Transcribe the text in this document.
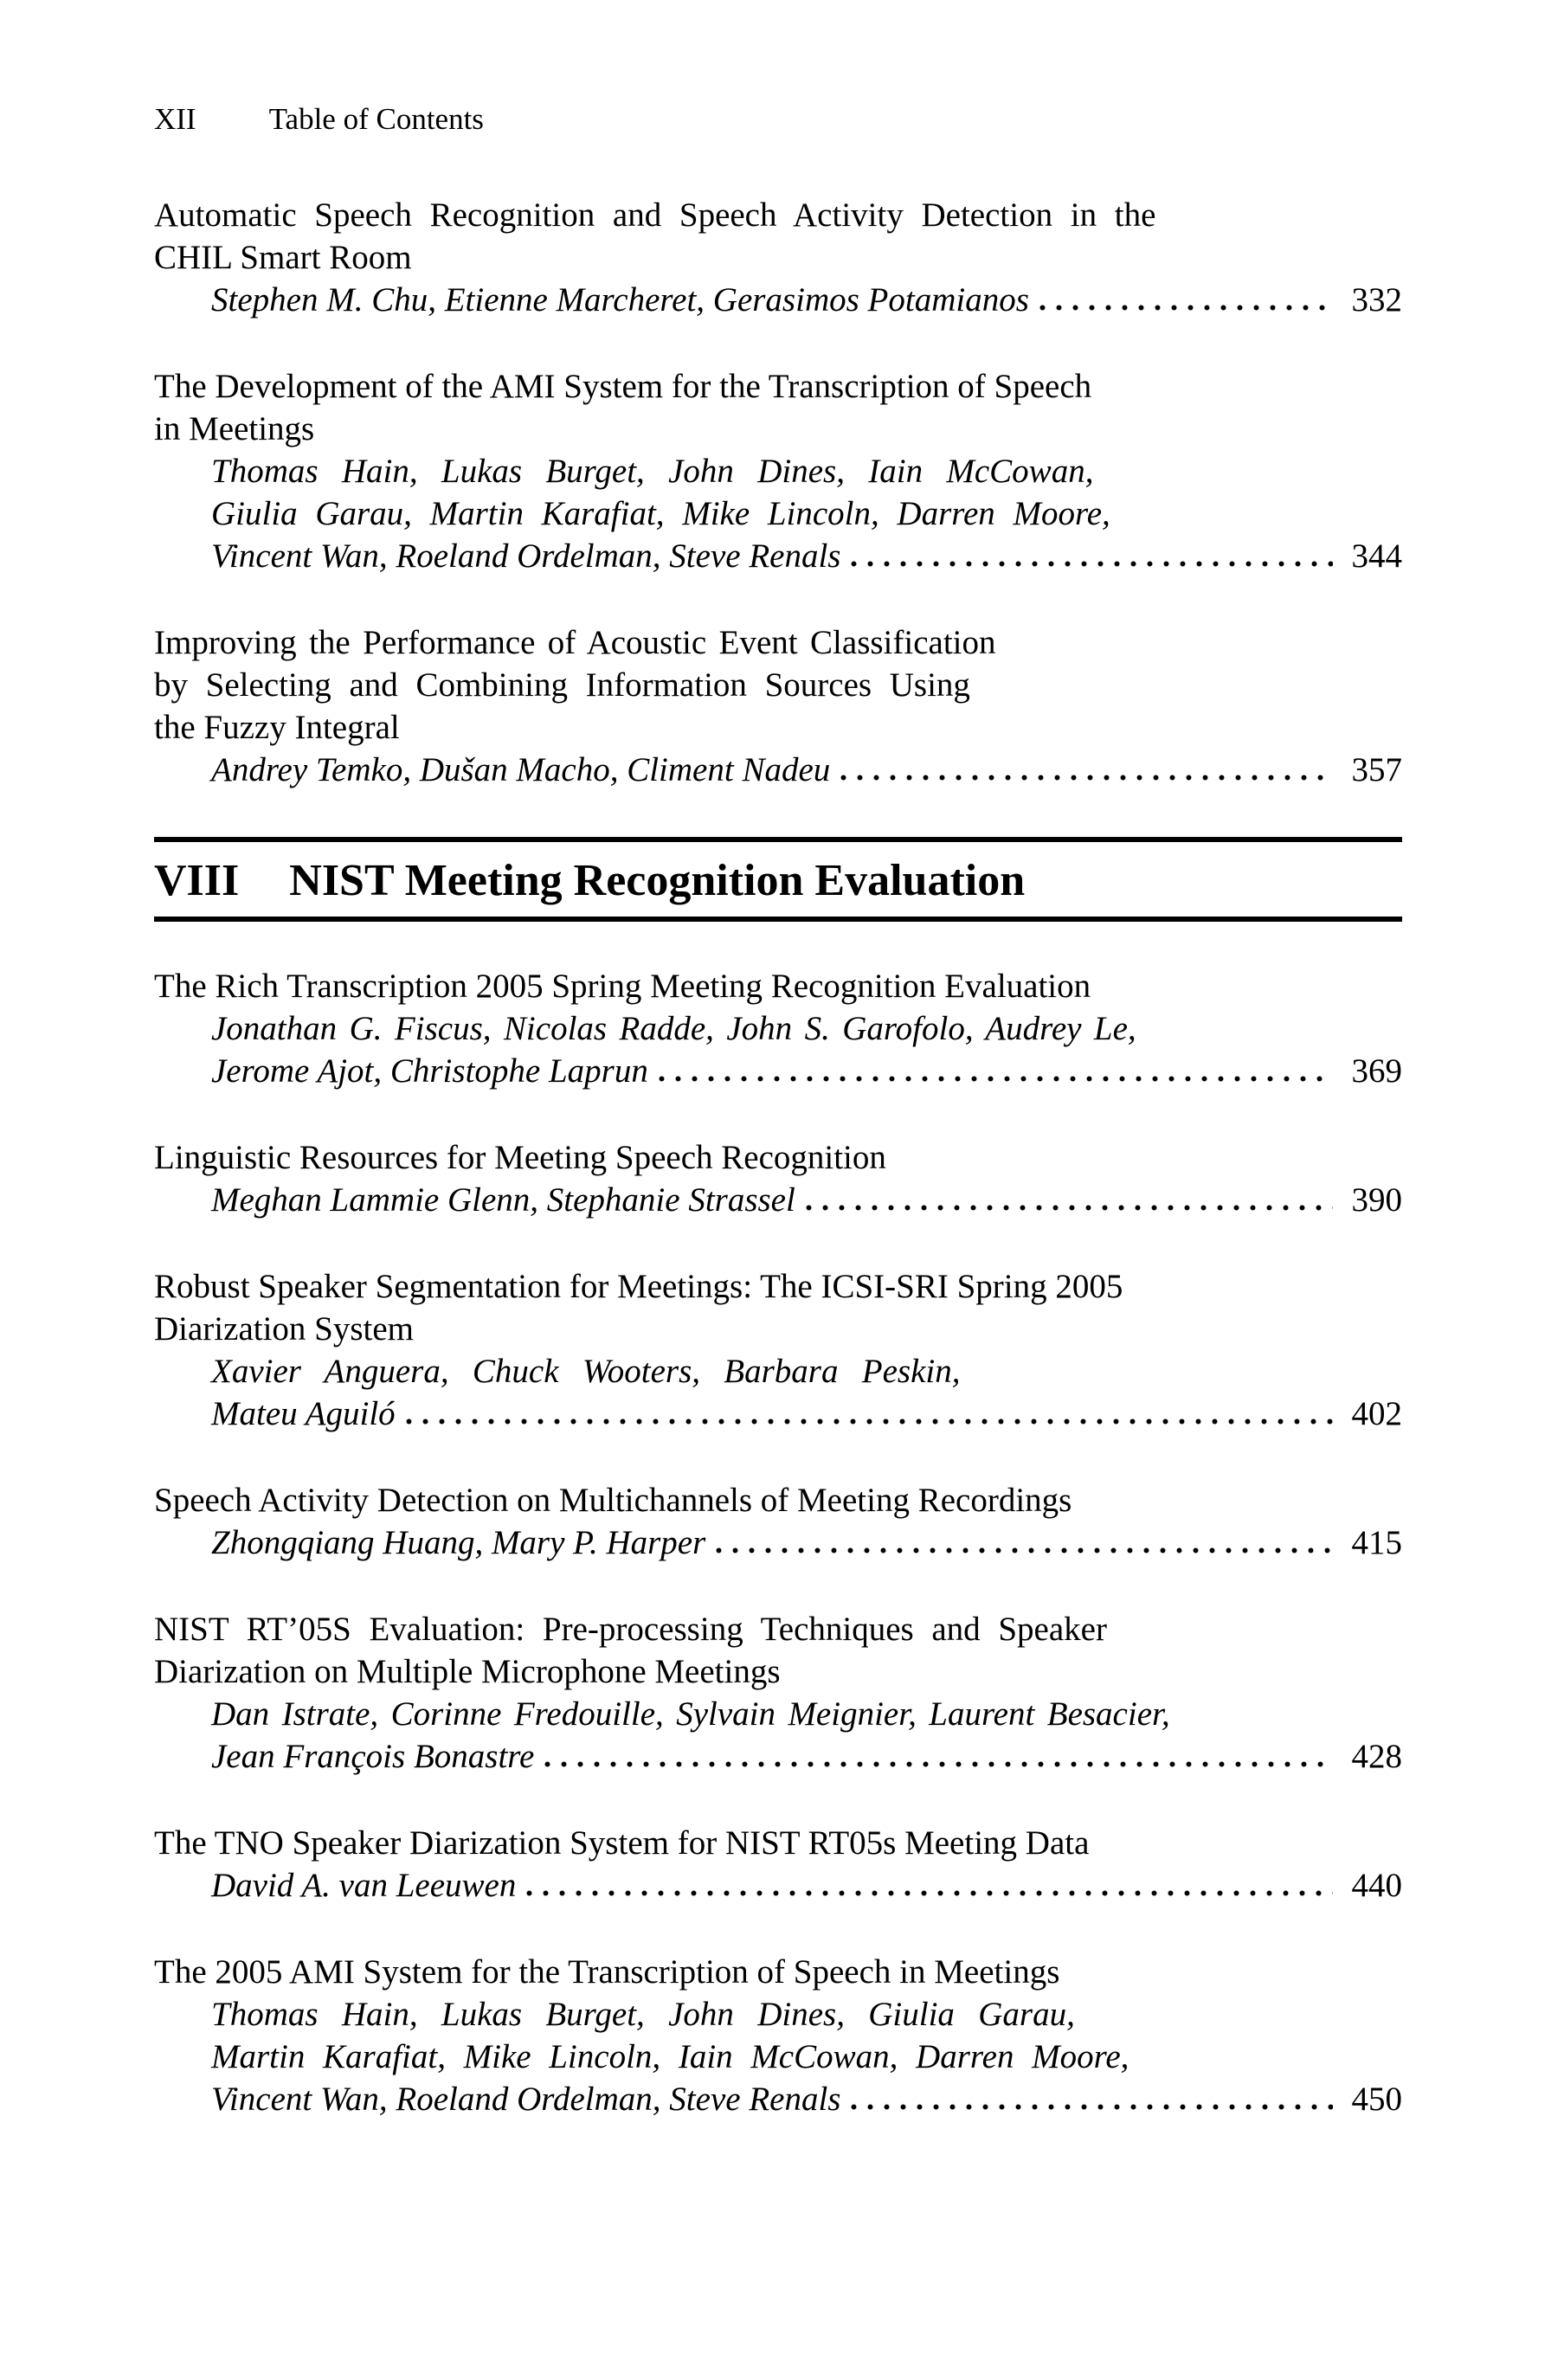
XII Table of Contents
Automatic Speech Recognition and Speech Activity Detection in the
CHIL Smart Room
Stephen M. Chu, Etienne Marcheret, Gerasimos Potamianos	332
The Development of the AMI System for the Transcription of Speech
in Meetings
Thomas Hain, Lukas Burget, John Dines, Iain McCowan,
Giulia Garau, Martin Karafiat, Mike Lincoln, Darren Moore,
Vincent Wan, Roeland Ordelman, Steve Renals	344
Improving the Performance of Acoustic Event Classification
by Selecting and Combining Information Sources Using
the Fuzzy Integral
Andrey Temko, Dušan Macho, Climent Nadeu	357
VIII NIST Meeting Recognition Evaluation
The Rich Transcription 2005 Spring Meeting Recognition Evaluation
Jonathan G. Fiscus, Nicolas Radde, John S. Garofolo, Audrey Le,
Jerome Ajot, Christophe Laprun	369
Linguistic Resources for Meeting Speech Recognition
Meghan Lammie Glenn, Stephanie Strassel	390
Robust Speaker Segmentation for Meetings: The ICSI-SRI Spring 2005
Diarization System
Xavier Anguera, Chuck Wooters, Barbara Peskin,
Mateu Aguiló	402
Speech Activity Detection on Multichannels of Meeting Recordings
Zhongqiang Huang, Mary P. Harper	415
NIST RT’05S Evaluation: Pre-processing Techniques and Speaker
Diarization on Multiple Microphone Meetings
Dan Istrate, Corinne Fredouille, Sylvain Meignier, Laurent Besacier,
Jean François Bonastre	428
The TNO Speaker Diarization System for NIST RT05s Meeting Data
David A. van Leeuwen	440
The 2005 AMI System for the Transcription of Speech in Meetings
Thomas Hain, Lukas Burget, John Dines, Giulia Garau,
Martin Karafiat, Mike Lincoln, Iain McCowan, Darren Moore,
Vincent Wan, Roeland Ordelman, Steve Renals	450
